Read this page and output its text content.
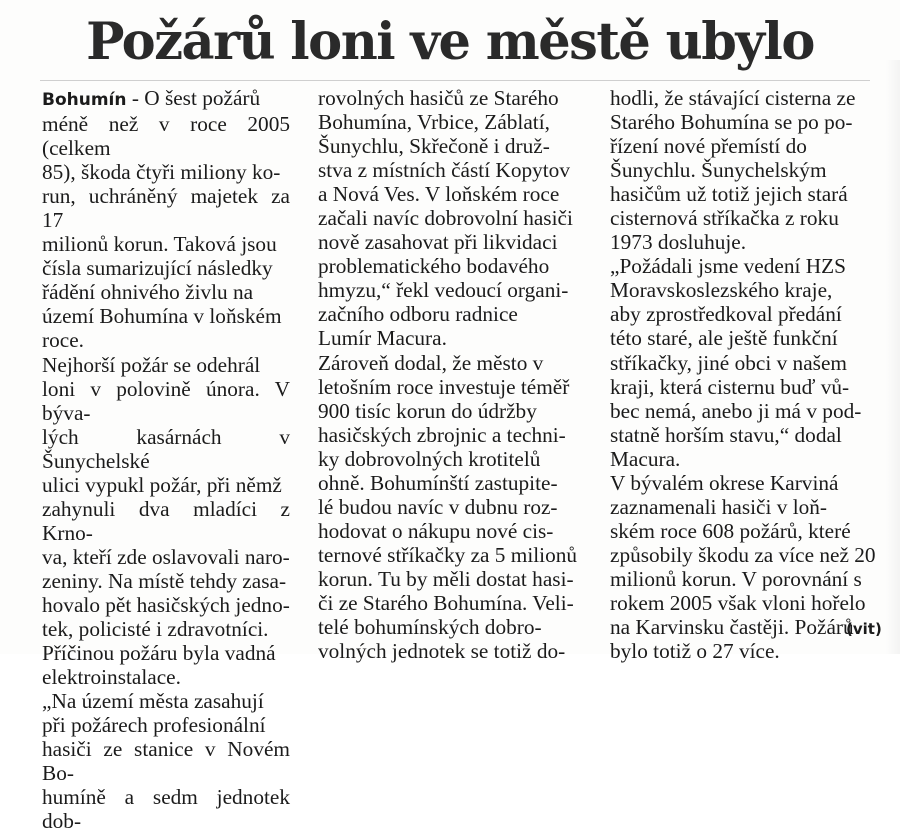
Požárů loni ve městě ubylo

Bohumín - O šest požárů
méně než v roce 2005 (celkem
85), škoda čtyři miliony ko-
run, uchráněný majetek za 17
milionů korun. Taková jsou
čísla sumarizující následky
řádění ohnivého živlu na
území Bohumína v loňském
roce.

Nejhorší požár se odehrál
loni v polovině února. V býva-
lých kasárnách v Šunychelské
ulici vypukl požár, při němž
zahynuli dva mladíci z Krno-
va, kteří zde oslavovali naro-
zeniny. Na místě tehdy zasa-
hovalo pět hasičských jedno-
tek, policisté i zdravotníci.
Příčinou požáru byla vadná
elektroinstalace.

„Na území města zasahují
při požárech profesionální
hasiči ze stanice v Novém Bo-
humíně a sedm jednotek dob-

rovolných hasičů ze Starého
Bohumína, Vrbice, Záblatí,
Šunychlu, Skřečoně i druž-
stva z místních částí Kopytov
a Nová Ves. V loňském roce
začali navíc dobrovolní hasiči
nově zasahovat při likvidaci
problematického bodavého
hmyzu,“ řekl vedoucí organi-
začního odboru radnice
Lumír Macura.

Zároveň dodal, že město v
letošním roce investuje téměř
900 tisíc korun do údržby
hasičských zbrojnic a techni-
ky dobrovolných krotitelů
ohně. Bohumínští zastupite-
lé budou navíc v dubnu roz-
hodovat o nákupu nové cis-
ternové stříkačky za 5 milionů
korun. Tu by měli dostat hasi-
či ze Starého Bohumína. Veli-
telé bohumínských dobro-
volných jednotek se totiž do-

hodli, že stávající cisterna ze
Starého Bohumína se po po-
řízení nové přemístí do
Šunychlu. Šunychelským
hasičům už totiž jejich stará
cisternová stříkačka z roku
1973 dosluhuje.

„Požádali jsme vedení HZS
Moravskoslezského kraje,
aby zprostředkoval předání
této staré, ale ještě funkční
stříkačky, jiné obci v našem
kraji, která cisternu buď vů-
bec nemá, anebo ji má v pod-
statně horším stavu,“ dodal
Macura.

V bývalém okrese Karviná
zaznamenali hasiči v loň-
ském roce 608 požárů, které
způsobily škodu za více než 20
milionů korun. V porovnání s
rokem 2005 však vloni hořelo
na Karvinsku častěji. Požárů
bylo totiž o 27 více.

(vit)
